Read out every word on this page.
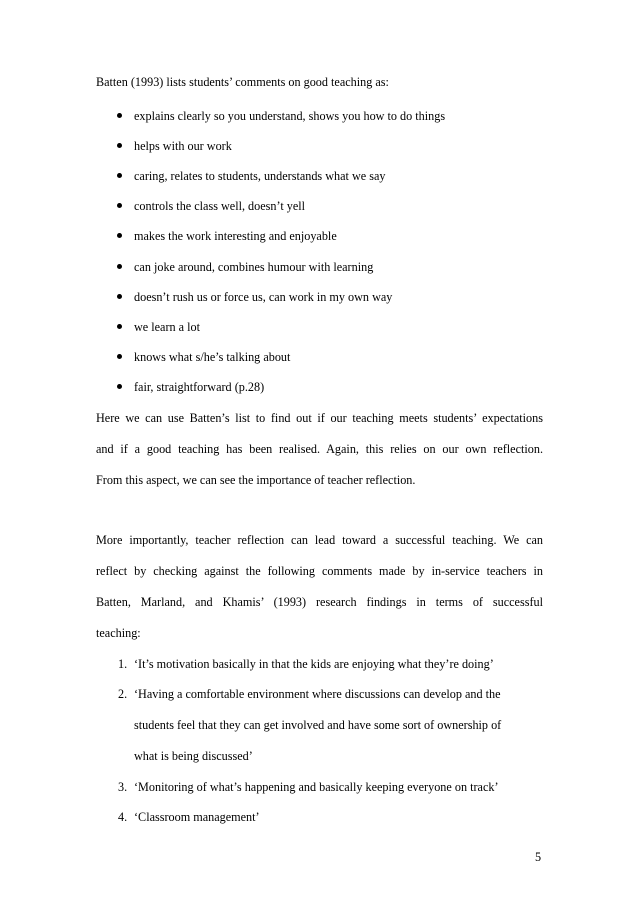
Batten (1993) lists students’ comments on good teaching as:
explains clearly so you understand, shows you how to do things
helps with our work
caring, relates to students, understands what we say
controls the class well, doesn’t yell
makes the work interesting and enjoyable
can joke around, combines humour with learning
doesn’t rush us or force us, can work in my own way
we learn a lot
knows what s/he’s talking about
fair, straightforward (p.28)
Here we can use Batten’s list to find out if our teaching meets students’ expectations
and if a good teaching has been realised. Again, this relies on our own reflection.
From this aspect, we can see the importance of teacher reflection.
More importantly, teacher reflection can lead toward a successful teaching. We can
reflect by checking against the following comments made by in-service teachers in
Batten, Marland, and Khamis’ (1993) research findings in terms of successful
teaching:
1. ‘It’s motivation basically in that the kids are enjoying what they’re doing’
2. ‘Having a comfortable environment where discussions can develop and the
students feel that they can get involved and have some sort of ownership of
what is being discussed’
3. ‘Monitoring of what’s happening and basically keeping everyone on track’
4. ‘Classroom management’
5
